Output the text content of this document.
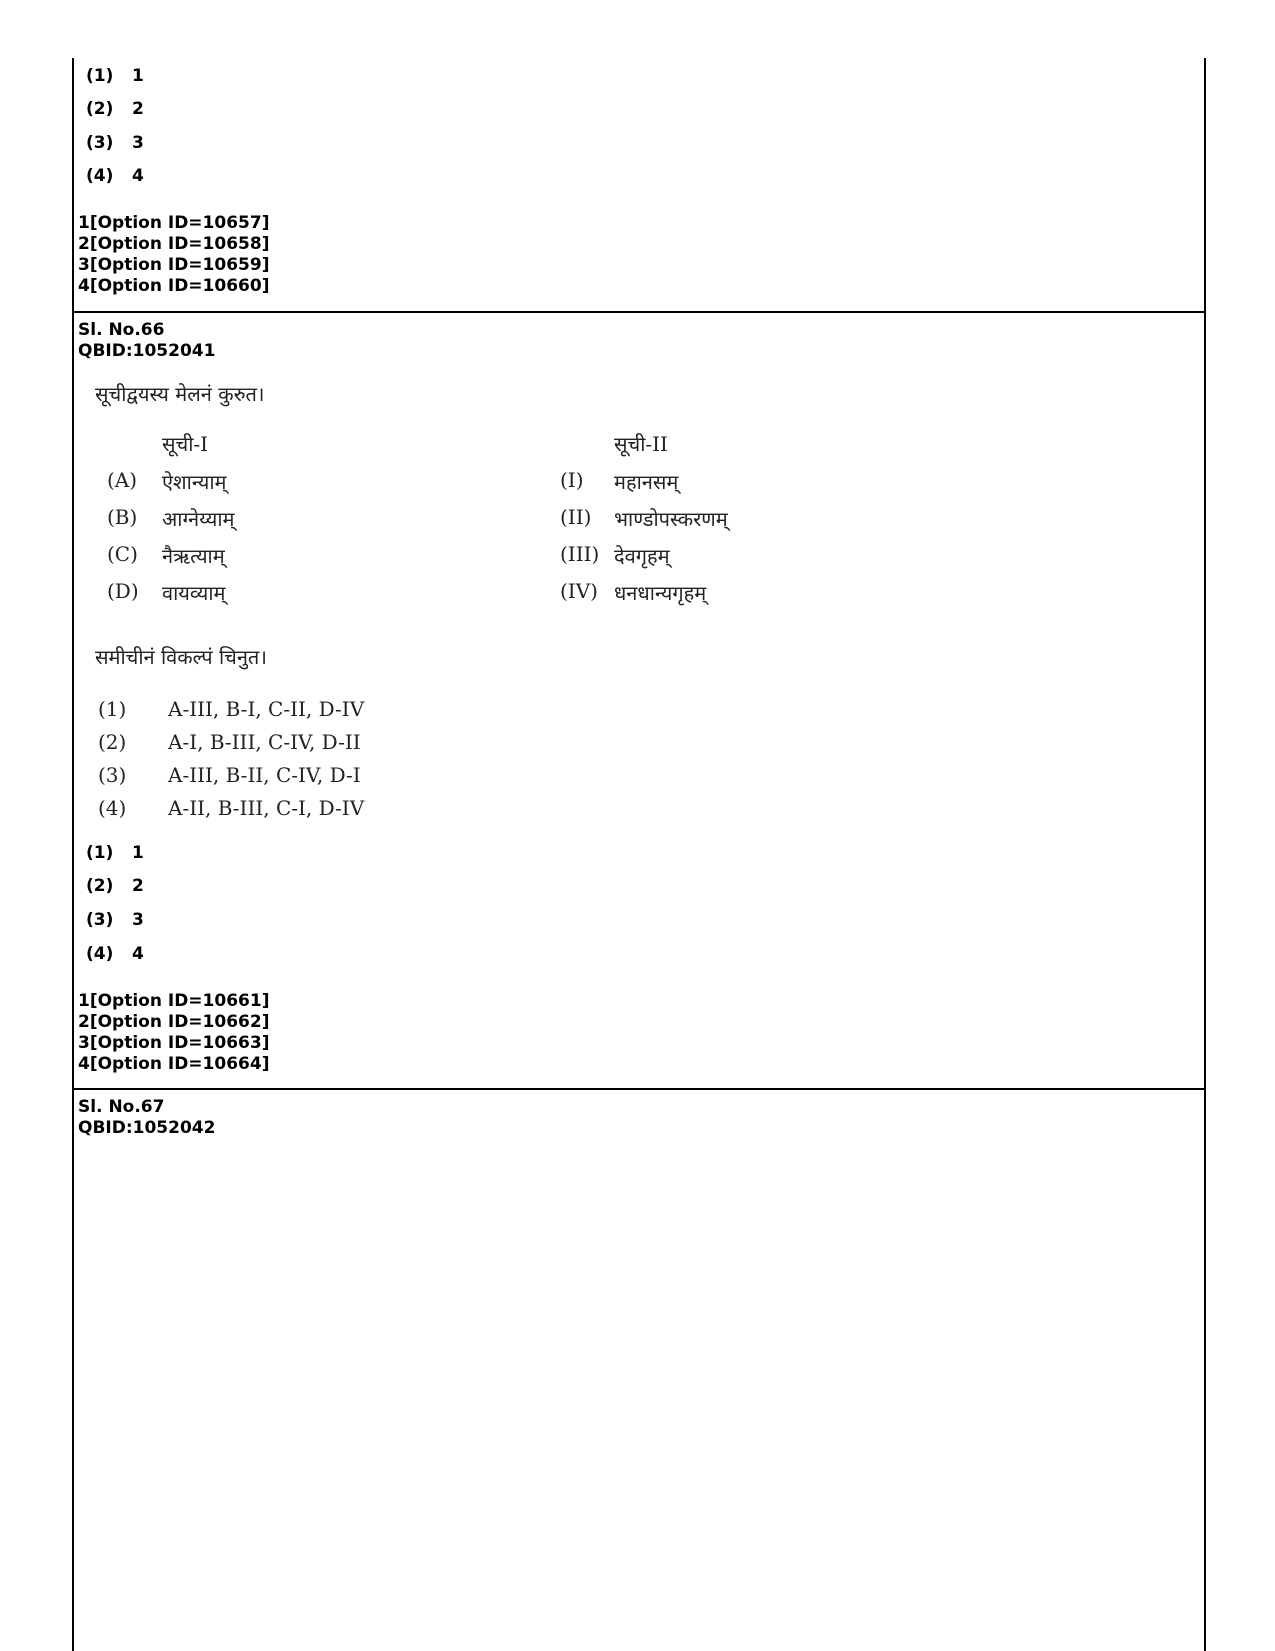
(1) 1
(2) 2
(3) 3
(4) 4
1[Option ID=10657]
2[Option ID=10658]
3[Option ID=10659]
4[Option ID=10660]
Sl. No.66
QBID:1052041
सूचीद्वयस्य मेलनं कुरुत।
सूची-I	सूची-II
(A) ऐशान्याम्
(B) आग्नेय्याम्
(C) नैऋत्याम्
(D) वायव्याम्
(I) महानसम्
(II) भाण्डोपस्करणम्
(III) देवगृहम्
(IV) धनधान्यगृहम्
समीचीनं विकल्पं चिनुत।
(1) A-III, B-I, C-II, D-IV
(2) A-I, B-III, C-IV, D-II
(3) A-III, B-II, C-IV, D-I
(4) A-II, B-III, C-I, D-IV
(1) 1
(2) 2
(3) 3
(4) 4
1[Option ID=10661]
2[Option ID=10662]
3[Option ID=10663]
4[Option ID=10664]
Sl. No.67
QBID:1052042
